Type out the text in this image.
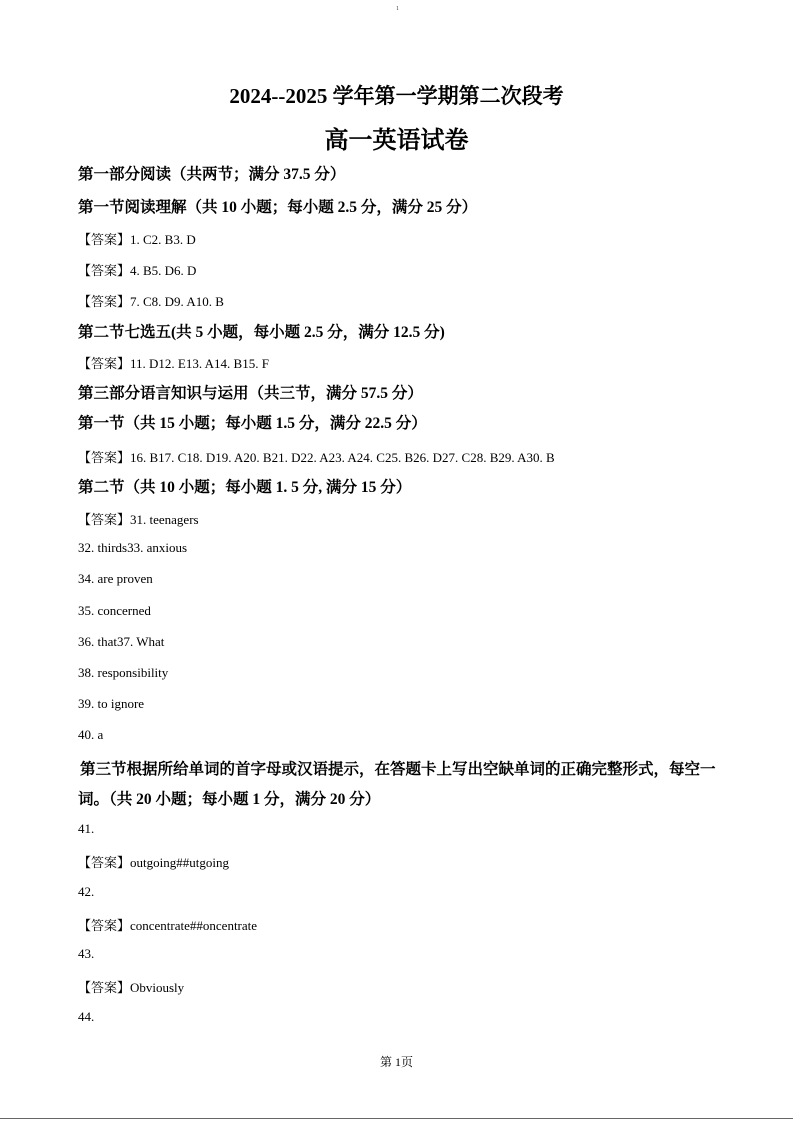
1
2024--2025 学年第一学期第二次段考
高一英语试卷
第一部分阅读（共两节；满分 37.5 分）
第一节阅读理解（共 10 小题；每小题 2.5 分，满分 25 分）
【答案】1. C2. B3. D
【答案】4. B5. D6. D
【答案】7. C8. D9. A10. B
第二节七选五(共 5 小题，每小题 2.5 分，满分 12.5 分)
【答案】11. D12. E13. A14. B15. F
第三部分语言知识与运用（共三节，满分 57.5 分）
第一节（共 15 小题；每小题 1.5 分，满分 22.5 分）
【答案】16. B17. C18. D19. A20. B21. D22. A23. A24. C25. B26. D27. C28. B29. A30. B
第二节（共 10 小题；每小题 1. 5 分, 满分 15 分）
【答案】31. teenagers
32. thirds33. anxious
34. are proven
35. concerned
36. that37. What
38. responsibility
39. to ignore
40. a
第三节根据所给单词的首字母或汉语提示，在答题卡上写出空缺单词的正确完整形式，每空一
词。（共 20 小题；每小题 1 分，满分 20 分）
41.
【答案】outgoing##utgoing
42.
【答案】concentrate##oncentrate
43.
【答案】Obviously
44.
第 1页
